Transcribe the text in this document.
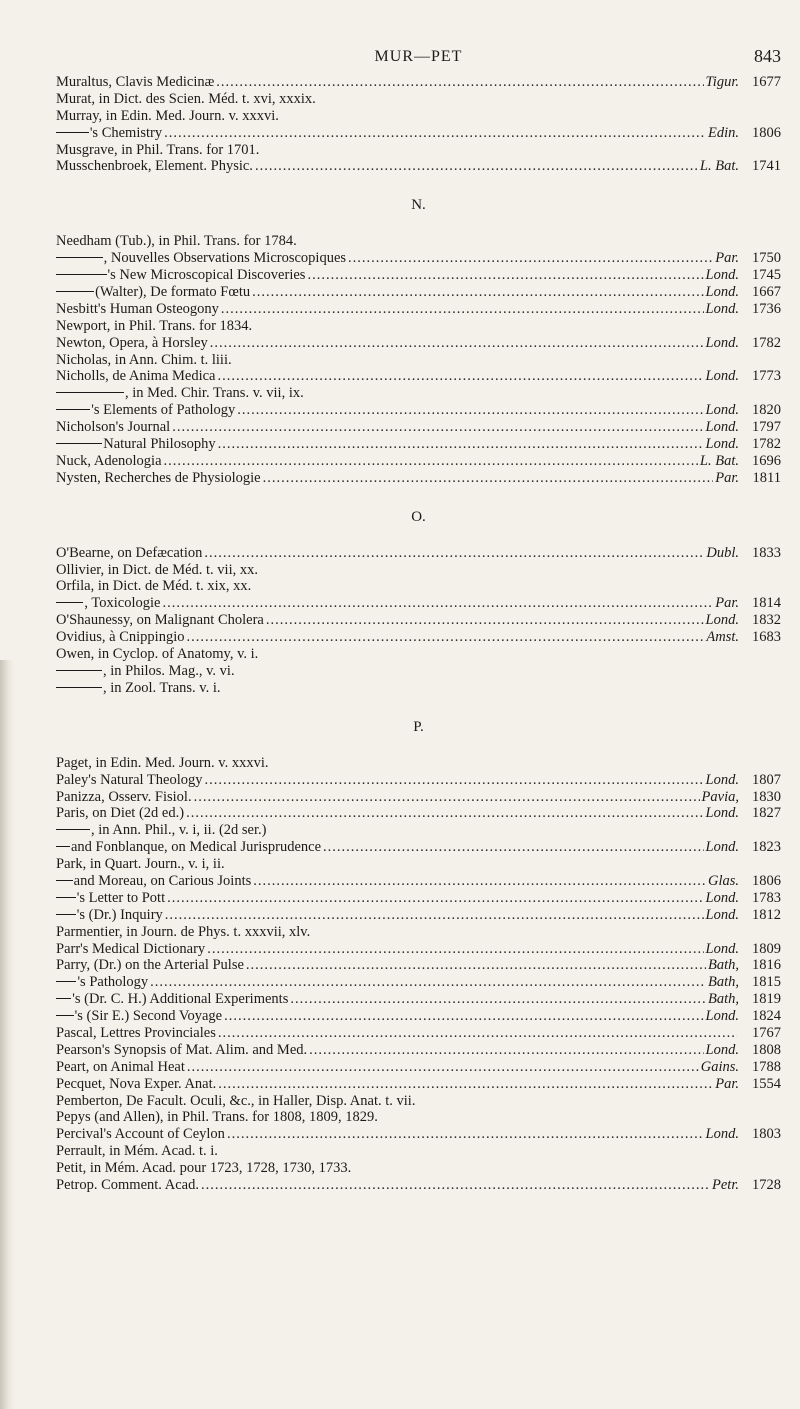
MUR—PET	843
Muraltus, Clavis Medicinæ .....	Tigur. 1677
Murat, in Dict. des Scien. Méd. t. xvi, xxxix.
Murray, in Edin. Med. Journ. v. xxxvi.
's Chemistry .....	Edin. 1806
Musgrave, in Phil. Trans. for 1701.
Musschenbroek, Element. Physic. .....	L. Bat. 1741
N.
Needham (Tub.), in Phil. Trans. for 1784.
, Nouvelles Observations Microscopiques .....	Par. 1750
's New Microscopical Discoveries .....	Lond. 1745
(Walter), De formato Fœtu .....	Lond. 1667
Nesbitt's Human Osteogony .....	Lond. 1736
Newport, in Phil. Trans. for 1834.
Newton, Opera, à Horsley .....	Lond. 1782
Nicholas, in Ann. Chim. t. liii.
Nicholls, de Anima Medica .....	Lond. 1773
, in Med. Chir. Trans. v. vii, ix.
's Elements of Pathology .....	Lond. 1820
Nicholson's Journal .....	Lond. 1797
Natural Philosophy .....	Lond. 1782
Nuck, Adenologia .....	L. Bat. 1696
Nysten, Recherches de Physiologie .....	Par. 1811
O.
O'Bearne, on Defæcation .....	Dubl. 1833
Ollivier, in Dict. de Méd. t. vii, xx.
Orfila, in Dict. de Méd. t. xix, xx.
, Toxicologie .....	Par. 1814
O'Shaunessy, on Malignant Cholera .....	Lond. 1832
Ovidius, à Cnippingio .....	Amst. 1683
Owen, in Cyclop. of Anatomy, v. i.
, in Philos. Mag., v. vi.
, in Zool. Trans. v. i.
P.
Paget, in Edin. Med. Journ. v. xxxvi.
Paley's Natural Theology .....	Lond. 1807
Panizza, Osserv. Fisiol. .....	Pavia, 1830
Paris, on Diet (2d ed.) .....	Lond. 1827
, in Ann. Phil., v. i, ii. (2d ser.)
and Fonblanque, on Medical Jurisprudence .....	Lond. 1823
Park, in Quart. Journ., v. i, ii.
and Moreau, on Carious Joints .....	Glas. 1806
's Letter to Pott .....	Lond. 1783
's (Dr.) Inquiry .....	Lond. 1812
Parmentier, in Journ. de Phys. t. xxxvii, xlv.
Parr's Medical Dictionary .....	Lond. 1809
Parry, (Dr.) on the Arterial Pulse .....	Bath, 1816
's Pathology .....	Bath, 1815
's (Dr. C. H.) Additional Experiments .....	Bath, 1819
's (Sir E.) Second Voyage .....	Lond. 1824
Pascal, Lettres Provinciales .....	1767
Pearson's Synopsis of Mat. Alim. and Med. .....	Lond. 1808
Peart, on Animal Heat .....	Gains. 1788
Pecquet, Nova Exper. Anat. .....	Par. 1554
Pemberton, De Facult. Oculi, &c., in Haller, Disp. Anat. t. vii.
Pepys (and Allen), in Phil. Trans. for 1808, 1809, 1829.
Percival's Account of Ceylon .....	Lond. 1803
Perrault, in Mém. Acad. t. i.
Petit, in Mém. Acad. pour 1723, 1728, 1730, 1733.
Petrop. Comment. Acad. .....	Petr. 1728
